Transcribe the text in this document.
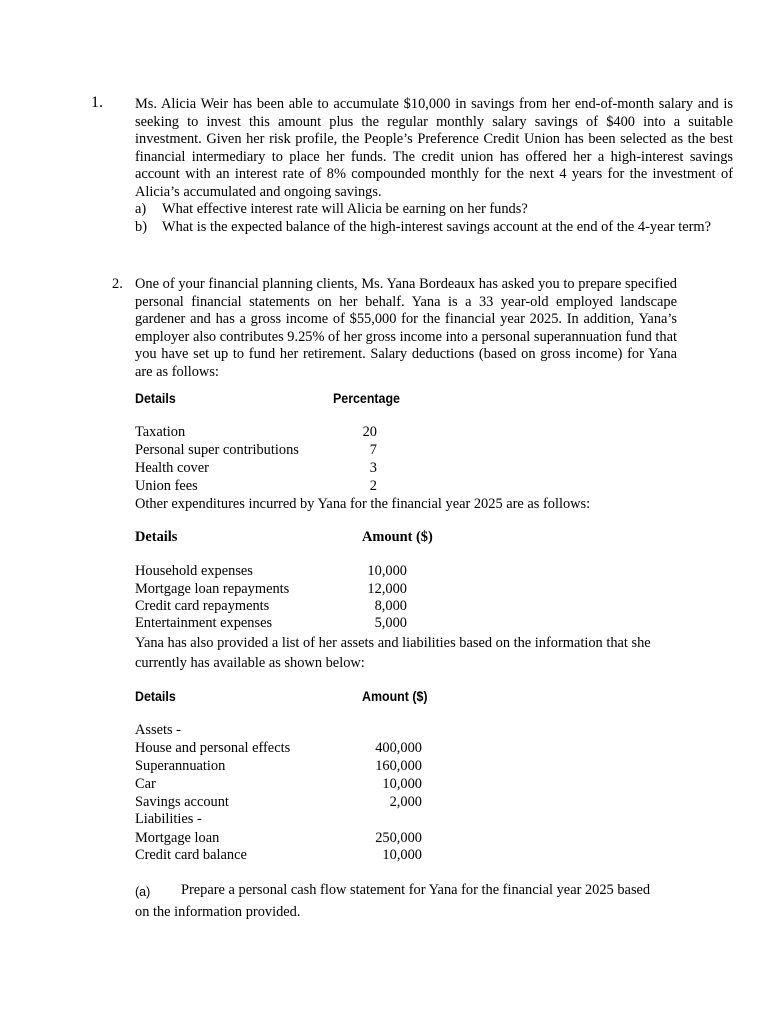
1. Ms. Alicia Weir has been able to accumulate $10,000 in savings from her end-of-month salary and is seeking to invest this amount plus the regular monthly salary savings of $400 into a suitable investment. Given her risk profile, the People’s Preference Credit Union has been selected as the best financial intermediary to place her funds. The credit union has offered her a high-interest savings account with an interest rate of 8% compounded monthly for the next 4 years for the investment of Alicia’s accumulated and ongoing savings.
a)	What effective interest rate will Alicia be earning on her funds?
b)	What is the expected balance of the high-interest savings account at the end of the 4-year term?
2. One of your financial planning clients, Ms. Yana Bordeaux has asked you to prepare specified personal financial statements on her behalf. Yana is a 33 year-old employed landscape gardener and has a gross income of $55,000 for the financial year 2025. In addition, Yana’s employer also contributes 9.25% of her gross income into a personal superannuation fund that you have set up to fund her retirement. Salary deductions (based on gross income) for Yana are as follows:
Details	Percentage
Taxation	20
Personal super contributions	7
Health cover	3
Union fees	2
Other expenditures incurred by Yana for the financial year 2025 are as follows:
Details	Amount ($)
Household expenses	10,000
Mortgage loan repayments	12,000
Credit card repayments	8,000
Entertainment expenses	5,000
Yana has also provided a list of her assets and liabilities based on the information that she
currently has available as shown below:
Details	Amount ($)
Assets -
House and personal effects	400,000
Superannuation	160,000
Car	10,000
Savings account	2,000
Liabilities -
Mortgage loan	250,000
Credit card balance	10,000
(a) Prepare a personal cash flow statement for Yana for the financial year 2025 based
on the information provided.
